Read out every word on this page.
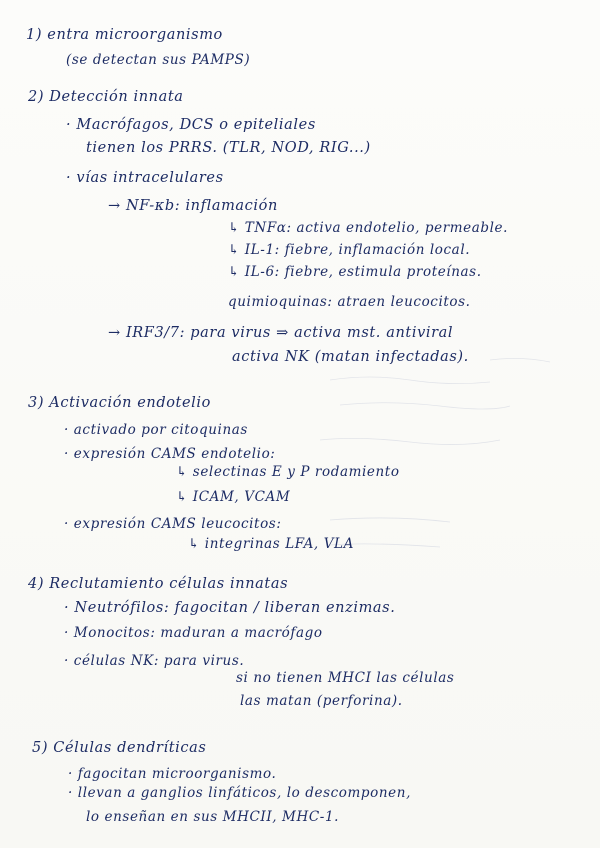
1) entra microorganismo
(se detectan sus PAMPS)
2) Detección innata
· Macrófagos, DCS o epiteliales
tienen los PRRS. (TLR, NOD, RIG...)
· vías intracelulares
→ NF-κb: inflamación
↳ TNFα: activa endotelio, permeable.
↳ IL-1: fiebre, inflamación local.
↳ IL-6: fiebre, estimula proteínas.
quimioquinas: atraen leucocitos.
→ IRF3/7: para virus ⇒ activa mst. antiviral
activa NK (matan infectadas).
3) Activación endotelio
· activado por citoquinas
· expresión CAMS endotelio:
↳ selectinas E y P rodamiento
↳ ICAM, VCAM
· expresión CAMS leucocitos:
↳ integrinas LFA, VLA
4) Reclutamiento células innatas
· Neutrófilos: fagocitan / liberan enzimas.
· Monocitos: maduran a macrófago
· células NK: para virus.
si no tienen MHCI las células
las matan (perforina).
5) Células dendríticas
· fagocitan microorganismo.
· llevan a ganglios linfáticos, lo descomponen,
lo enseñan en sus MHCII, MHC-1.
